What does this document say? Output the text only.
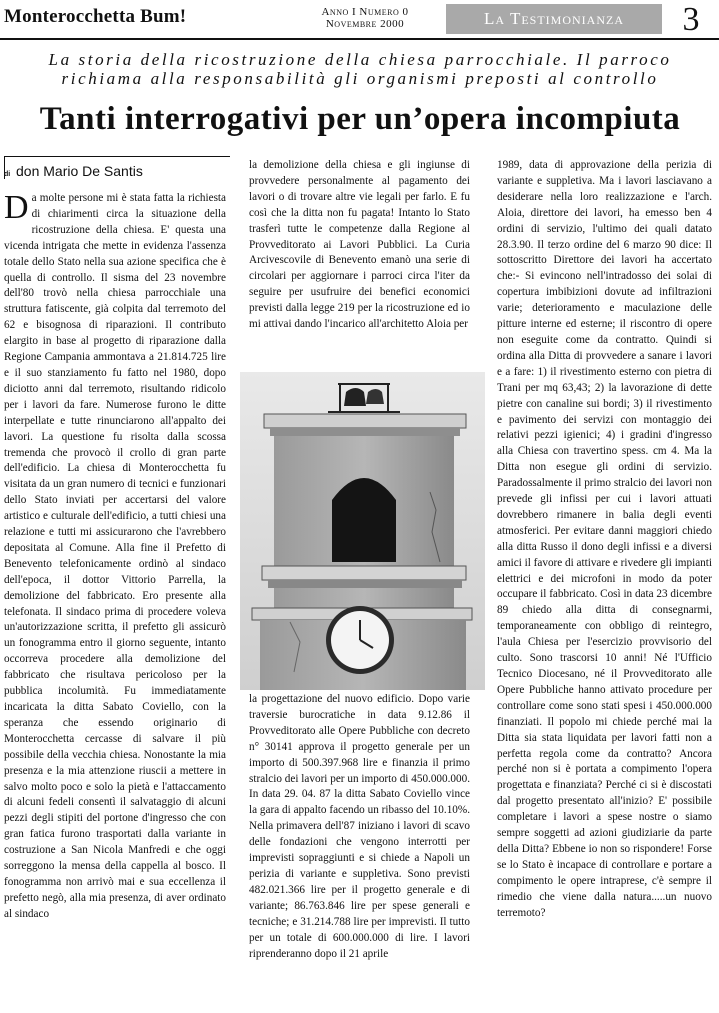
Monterocchetta Bum!	Anno I Numero 0
Novembre 2000	La Testimonianza	3
La storia della ricostruzione della chiesa parrocchiale. Il parroco
richiama alla responsabilità gli organismi preposti al controllo
Tanti interrogativi per un’opera incompiuta
di don Mario De Santis

Da molte persone mi è stata fatta la richiesta di chiarimenti circa la situazione della ricostruzione della chiesa. E' questa una vicenda intrigata che mette in evidenza l'assenza totale dello Stato nella sua azione specifica che è quella di controllo. Il sisma del 23 novembre dell'80 trovò nella chiesa parrocchiale una struttura fatiscente, già colpita dal terremoto del 62 e bisognosa di riparazioni. Il contributo elargito in base al progetto di riparazione dalla Regione Campania ammontava a 21.814.725 lire e il suo stanziamento fu fatto nel 1980, dopo diciotto anni dal terremoto, risultando ridicolo per i lavori da fare. Numerose furono le ditte interpellate e tutte rinunciarono all'appalto dei lavori. La questione fu risolta dalla scossa tremenda che provocò il crollo di gran parte dell'edificio. La chiesa di Monterocchetta fu visitata da un gran numero di tecnici e funzionari dello Stato inviati per accertarsi del valore artistico e culturale dell'edificio, a tutti chiesi una relazione e tutti mi assicurarono che l'avrebbero depositata al Comune. Alla fine il Prefetto di Benevento telefonicamente ordinò al sindaco dell'epoca, il dottor Vittorio Parrella, la demolizione del fabbricato. Ero presente alla telefonata. Il sindaco prima di procedere voleva un'autorizzazione scritta, il prefetto gli assicurò un fonogramma entro il giorno seguente, intanto occorreva procedere alla demolizione del fabbricato che risultava pericoloso per la pubblica incolumità. Fu immediatamente incaricata la ditta Sabato Coviello, con la speranza che essendo originario di Monterocchetta cercasse di salvare il più possibile della vecchia chiesa. Nonostante la mia presenza e la mia attenzione riuscii a mettere in salvo molto poco e solo la pietà e l'attaccamento di alcuni fedeli consentì il salvataggio di alcuni pezzi degli stipiti del portone d'ingresso che con gran fatica furono trasportati dalla variante in costruzione a San Nicola Manfredi e che oggi sorreggono la mensa della cappella al bosco. Il fonogramma non arrivò mai e sua eccellenza il prefetto negò, alla mia presenza, di aver ordinato al sindaco

la demolizione della chiesa e gli ingiunse di provvedere personalmente al pagamento dei lavori o di trovare altre vie legali per farlo. E fu così che la ditta non fu pagata! Intanto lo Stato trasferì tutte le competenze dalla Regione al Provveditorato ai Lavori Pubblici. La Curia Arcivescovile di Benevento emanò una serie di circolari per aggiornare i parroci circa l'iter da seguire per usufruire dei benefici economici previsti dalla legge 219 per la ricostruzione ed io mi attivai dando l'incarico all'architetto Aloia per

la progettazione del nuovo edificio. Dopo varie traversie burocratiche in data 9.12.86 il Provveditorato alle Opere Pubbliche con decreto n° 30141 approva il progetto generale per un importo di 500.397.968 lire e finanzia il primo stralcio dei lavori per un importo di 450.000.000. In data 29. 04. 87 la ditta Sabato Coviello vince la gara di appalto facendo un ribasso del 10.10%. Nella primavera dell'87 iniziano i lavori di scavo delle fondazioni che vengono interrotti per imprevisti sopraggiunti e si chiede a Napoli un perizia di variante e suppletiva. Sono previsti 482.021.366 lire per il progetto generale e di variante; 86.763.846 lire per spese generali e tecniche; e 31.214.788 lire per imprevisti. Il tutto per un totale di 600.000.000 di lire. I lavori riprenderanno dopo il 21 aprile

1989, data di approvazione della perizia di variante e suppletiva. Ma i lavori lasciavano a desiderare nella loro realizzazione e l'arch. Aloia, direttore dei lavori, ha emesso ben 4 ordini di servizio, l'ultimo dei quali datato 28.3.90. Il terzo ordine del 6 marzo 90 dice: Il sottoscritto Direttore dei lavori ha accertato che:- Si evincono nell'intradosso dei solai di copertura imbibizioni dovute ad infiltrazioni varie; deterioramento e maculazione delle pitture interne ed esterne; il riscontro di opere non eseguite come da contratto. Quindi si ordina alla Ditta di provvedere a sanare i lavori e a fare: 1) il rivestimento esterno con pietra di Trani per mq 63,43; 2) la lavorazione di dette pietre con canaline sui bordi; 3) il rivestimento e pavimento dei servizi con montaggio dei relativi pezzi igienici; 4) i gradini d'ingresso alla Chiesa con travertino spess. cm 4. Ma la Ditta non esegue gli ordini di servizio. Paradossalmente il primo stralcio dei lavori non prevede gli infissi per cui i lavori attuati dovrebbero rimanere in balia degli eventi atmosferici. Per evitare danni maggiori chiedo alla ditta Russo il dono degli infissi e a diversi amici il favore di attivare e rivedere gli impianti elettrici e dei microfoni in modo da poter occupare il fabbricato. Così in data 23 dicembre 89 chiedo alla ditta di consegnarmi, temporaneamente con obbligo di reintegro, l'aula Chiesa per l'esercizio provvisorio del culto. Sono trascorsi 10 anni! Né l'Ufficio Tecnico Diocesano, né il Provveditorato alle Opere Pubbliche hanno attivato procedure per controllare come sono stati spesi i 450.000.000 finanziati. Il popolo mi chiede perché mai la Ditta sia stata liquidata per lavori fatti non a perfetta regola come da contratto? Ancora perché non si è portata a compimento l'opera progettata e finanziata? Perché ci si è discostati dal progetto presentato all'inizio? E' possibile completare i lavori a spese nostre o siamo sempre soggetti ad azioni giudiziarie da parte della Ditta? Ebbene io non so rispondere! Forse se lo Stato è incapace di controllare e portare a compimento le opere intraprese, c'è sempre il rimedio che viene dalla natura.....un nuovo terremoto?
